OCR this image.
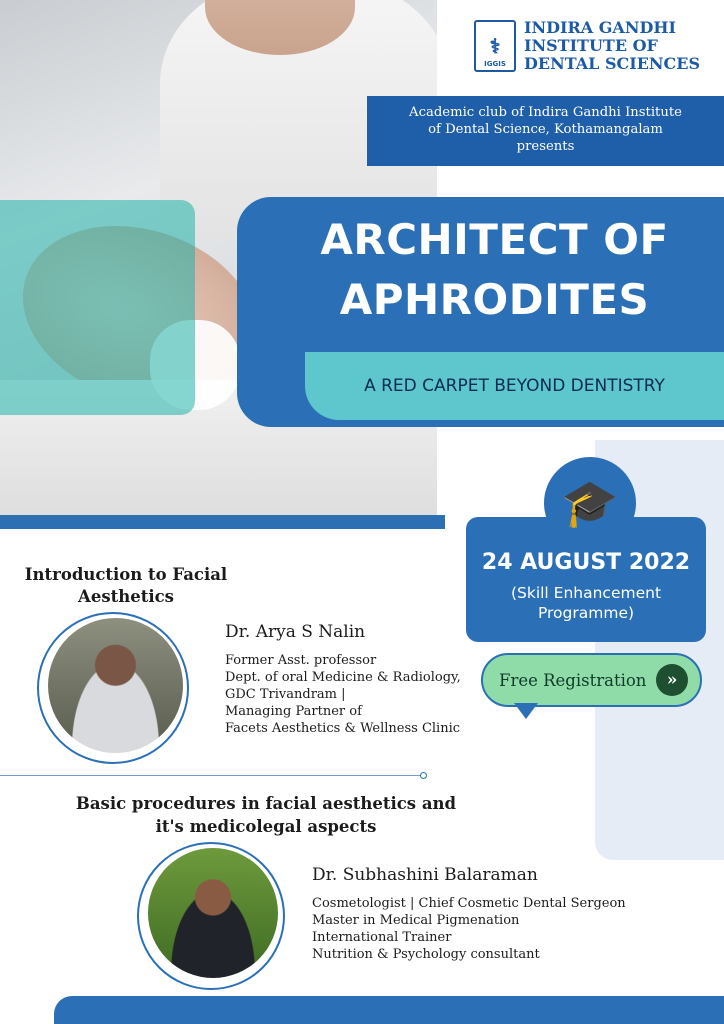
⚕
IGGIS
INDIRA GANDHI
INSTITUTE OF
DENTAL SCIENCES
Academic club of Indira Gandhi Institute
of Dental Science, Kothamangalam
presents
ARCHITECT OF
APHRODITES
A RED CARPET BEYOND DENTISTRY
24 AUGUST 2022
(Skill Enhancement
Programme)
🎓
Free Registration	»
Introduction to Facial
Aesthetics
Dr. Arya S Nalin
Former Asst. professor
Dept. of oral Medicine & Radiology,
GDC Trivandram |
Managing Partner of
Facets Aesthetics & Wellness Clinic
Basic procedures in facial aesthetics and
it's medicolegal aspects
Dr. Subhashini Balaraman
Cosmetologist | Chief Cosmetic Dental Sergeon
Master in Medical Pigmenation
International Trainer
Nutrition & Psychology consultant
